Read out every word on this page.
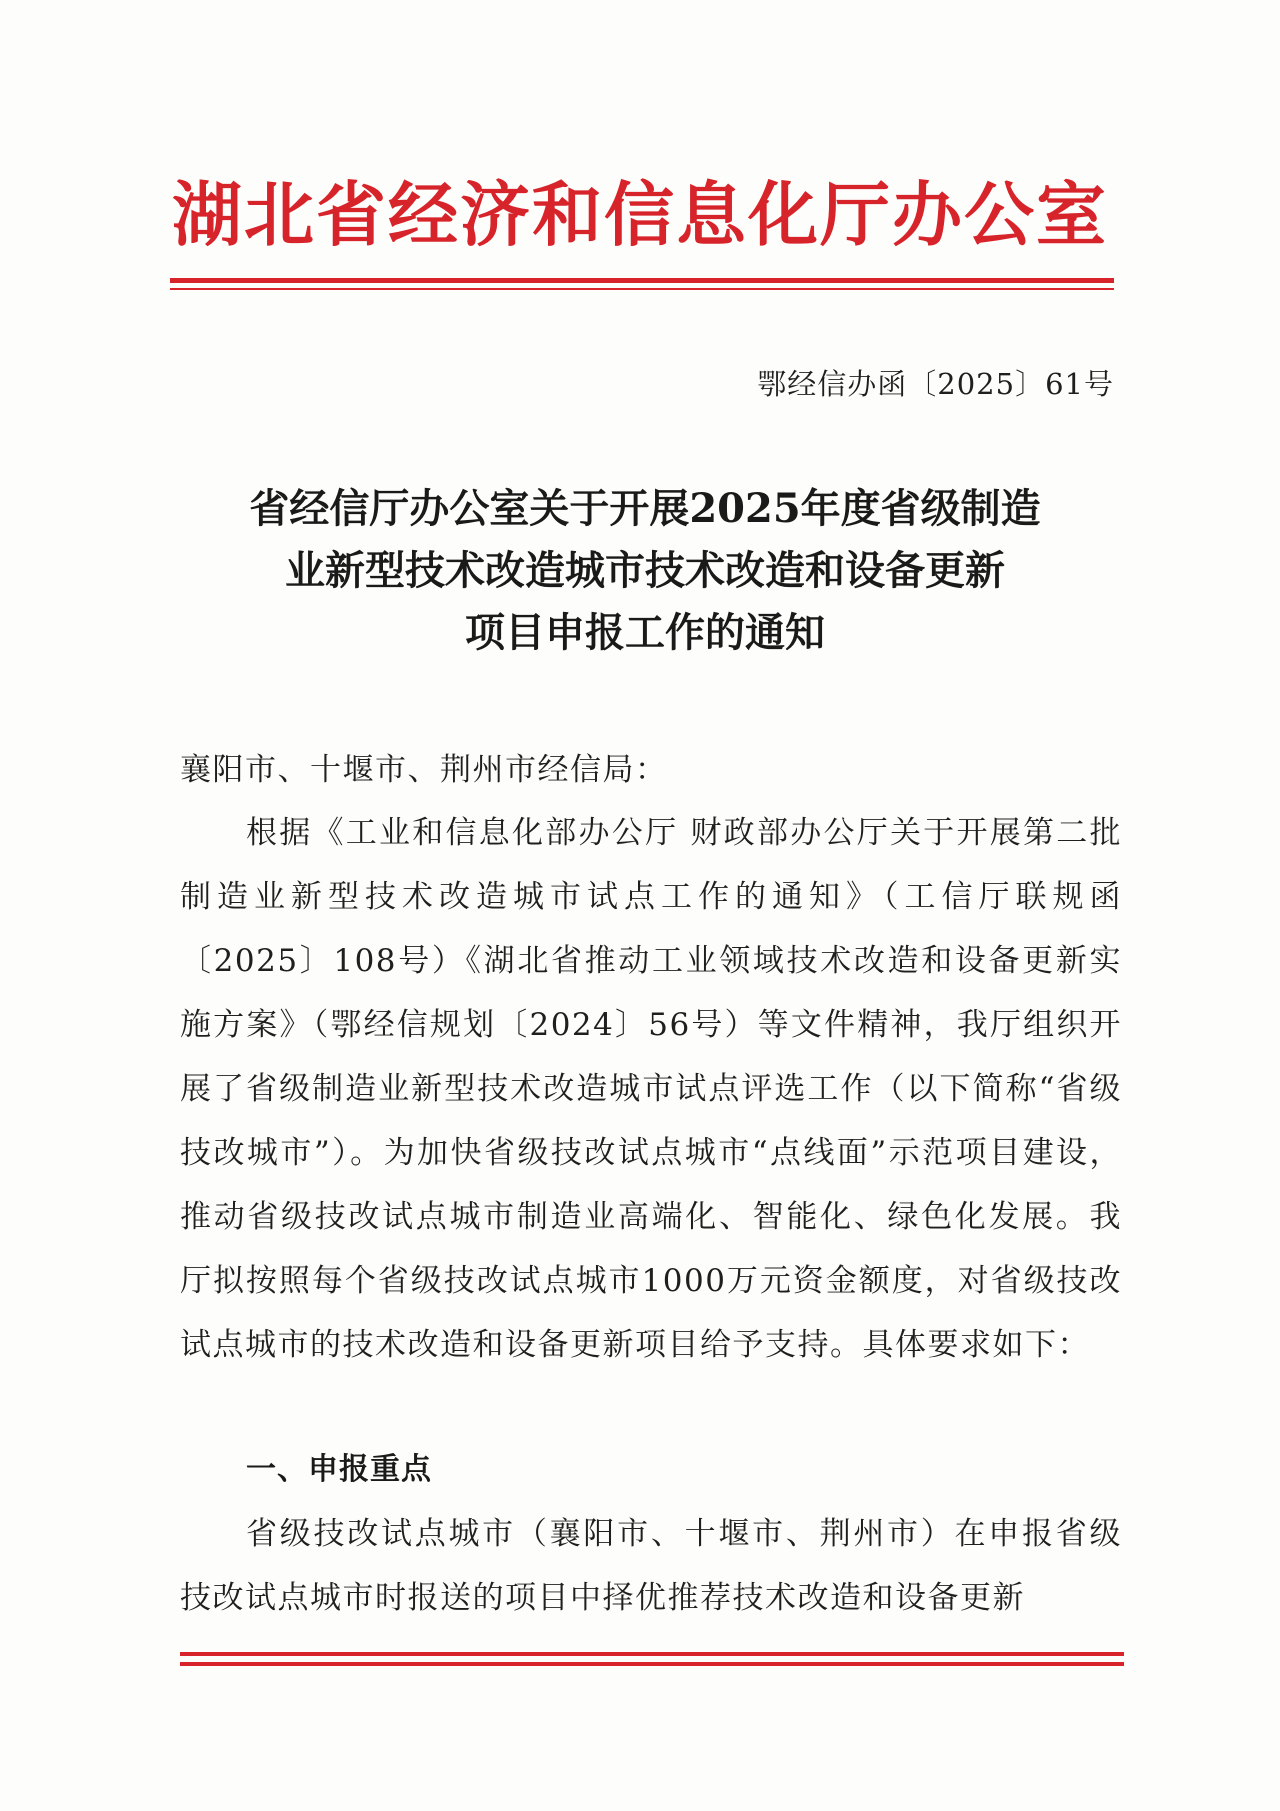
湖北省经济和信息化厅办公室
鄂经信办函〔2025〕61号
省经信厅办公室关于开展2025年度省级制造
业新型技术改造城市技术改造和设备更新
项目申报工作的通知
襄阳市、十堰市、荆州市经信局：
根据《工业和信息化部办公厅 财政部办公厅关于开展第二批制造业新型技术改造城市试点工作的通知》（工信厅联规函〔2025〕108号）《湖北省推动工业领域技术改造和设备更新实施方案》（鄂经信规划〔2024〕56号）等文件精神，我厅组织开展了省级制造业新型技术改造城市试点评选工作（以下简称“省级技改城市”）。为加快省级技改试点城市“点线面”示范项目建设，推动省级技改试点城市制造业高端化、智能化、绿色化发展。我厅拟按照每个省级技改试点城市1000万元资金额度，对省级技改试点城市的技术改造和设备更新项目给予支持。具体要求如下：
一、申报重点
省级技改试点城市（襄阳市、十堰市、荆州市）在申报省级技改试点城市时报送的项目中择优推荐技术改造和设备更新
